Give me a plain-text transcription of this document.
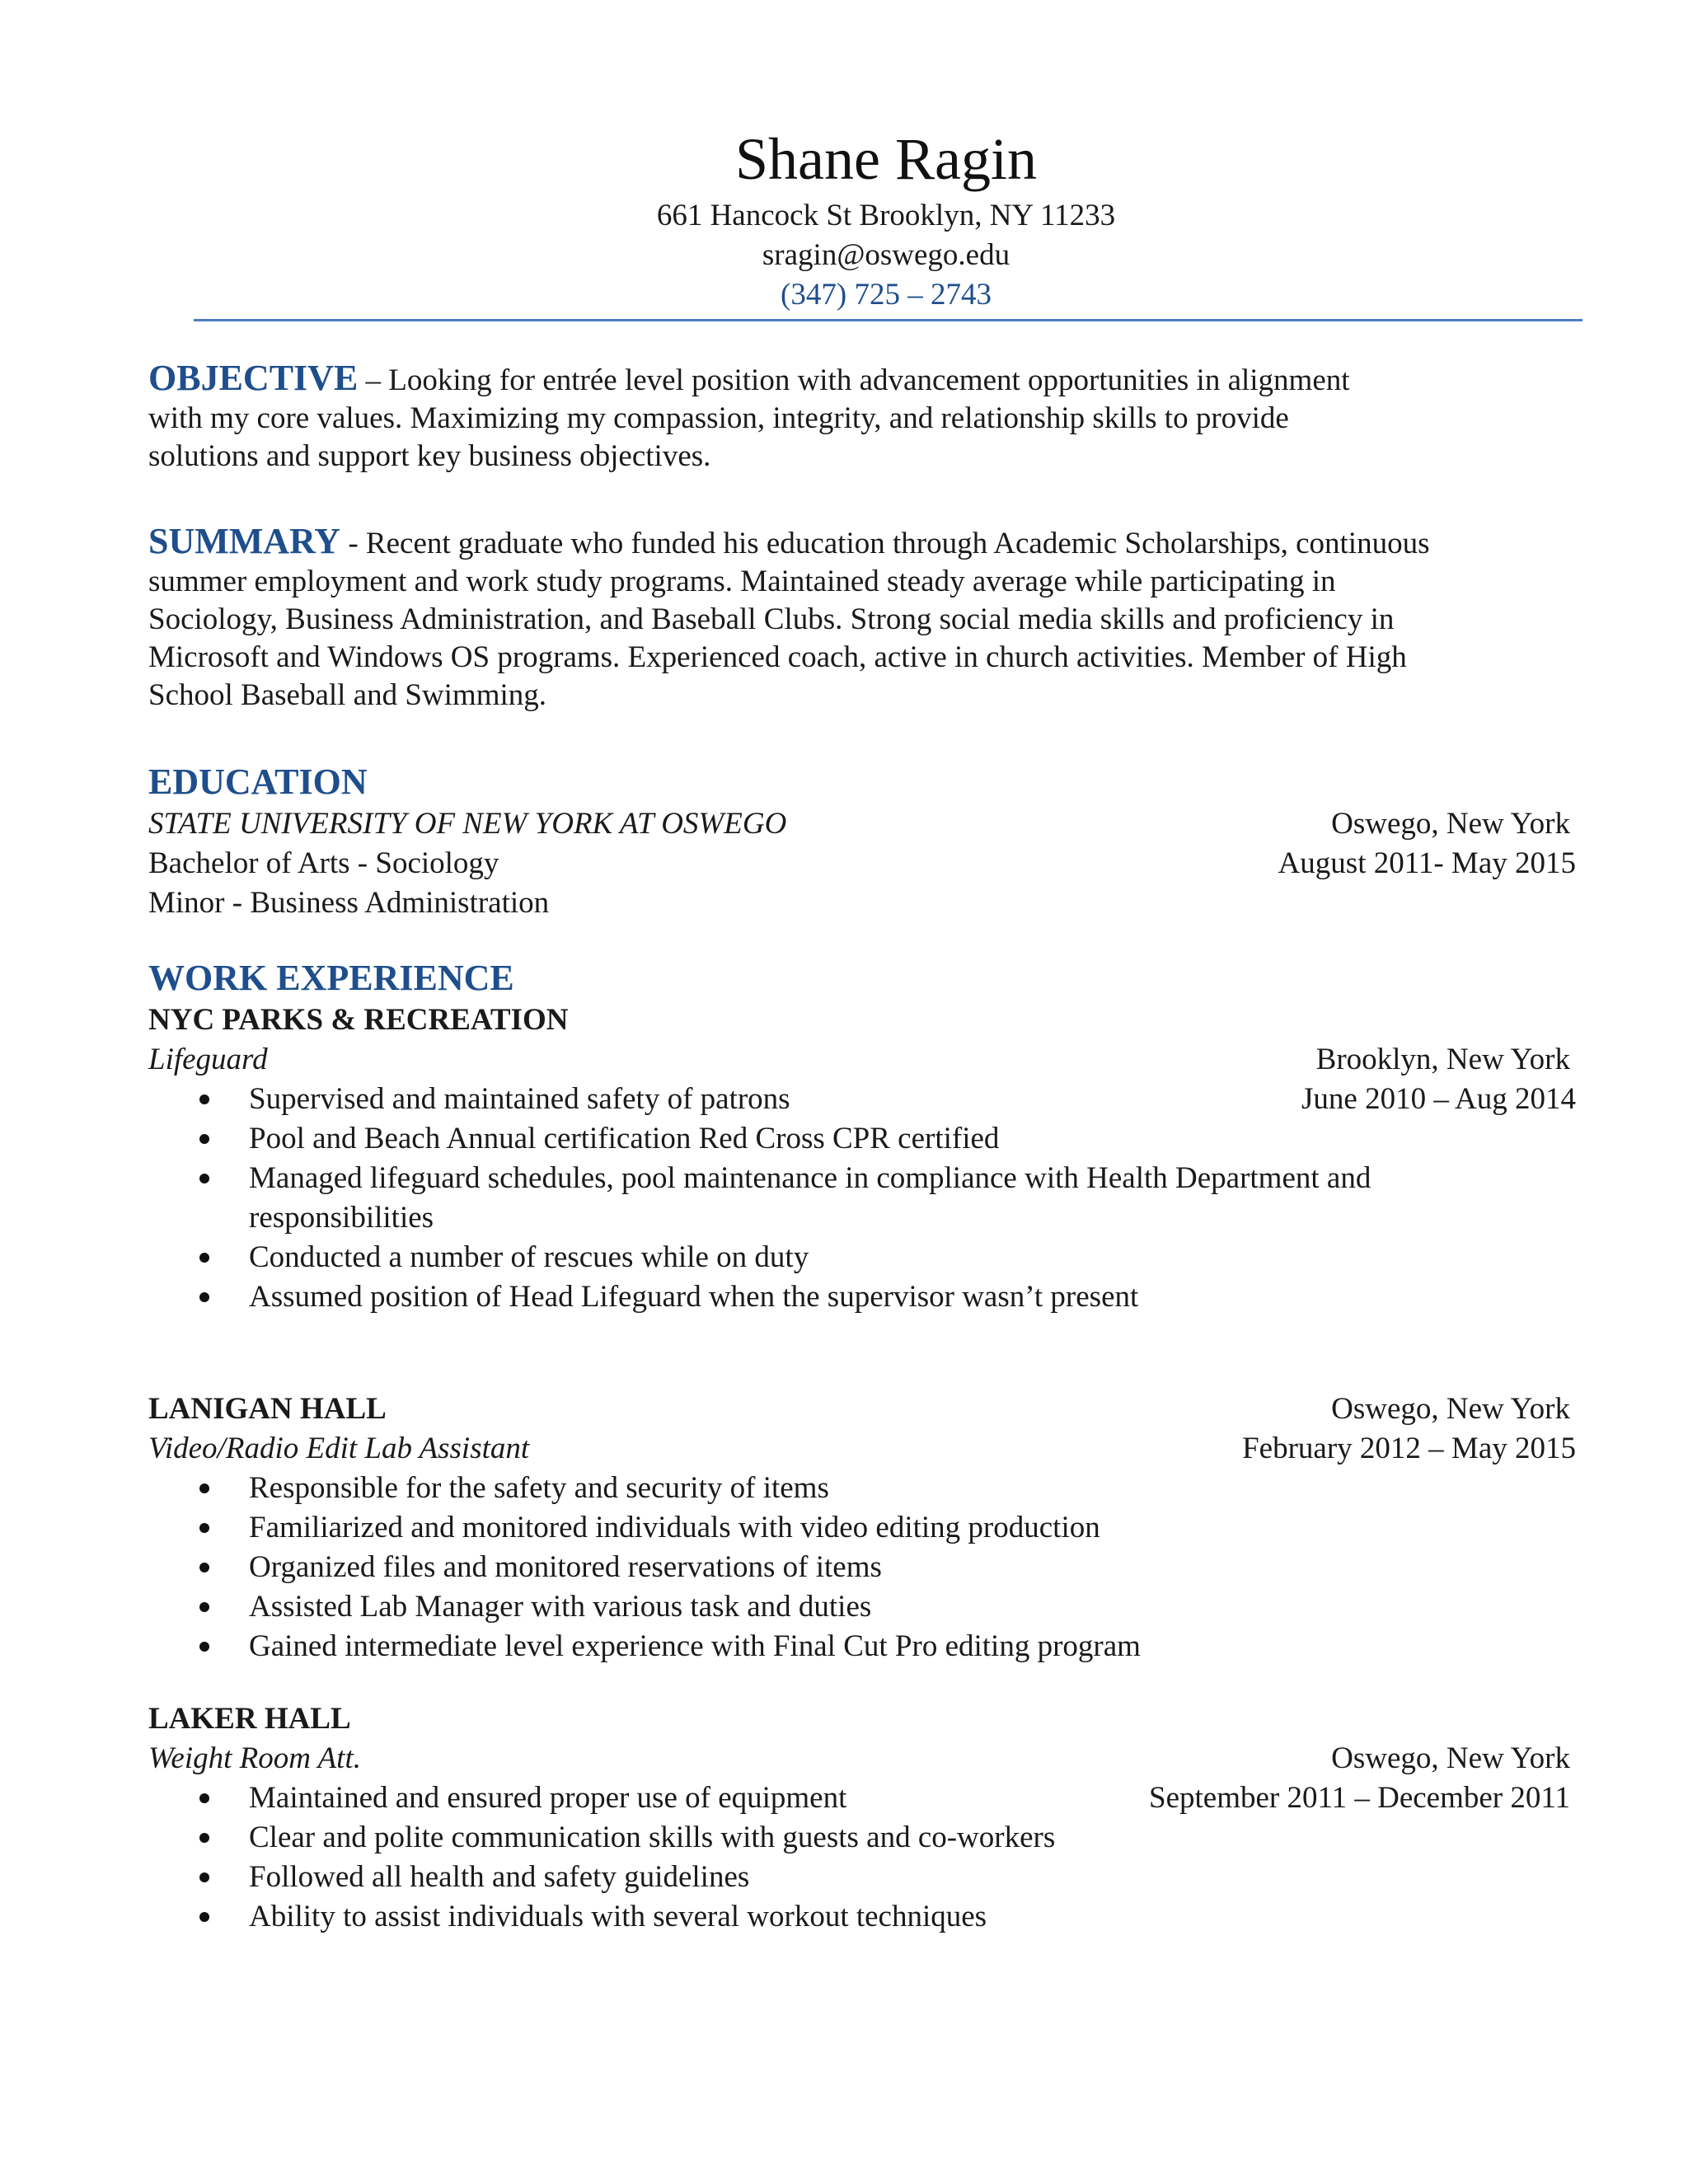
Shane Ragin
661 Hancock St Brooklyn, NY 11233
sragin@oswego.edu
(347) 725 – 2743
OBJECTIVE – Looking for entrée level position with advancement opportunities in alignment
with my core values. Maximizing my compassion, integrity, and relationship skills to provide
solutions and support key business objectives.
SUMMARY - Recent graduate who funded his education through Academic Scholarships, continuous
summer employment and work study programs. Maintained steady average while participating in
Sociology, Business Administration, and Baseball Clubs. Strong social media skills and proficiency in
Microsoft and Windows OS programs. Experienced coach, active in church activities. Member of High
School Baseball and Swimming.
EDUCATION
STATE UNIVERSITY OF NEW YORK AT OSWEGO	Oswego, New York
Bachelor of Arts - Sociology	August 2011- May 2015
Minor - Business Administration
WORK EXPERIENCE
NYC PARKS & RECREATION
Lifeguard	Brooklyn, New York
Supervised and maintained safety of patrons	June 2010 – Aug 2014
Pool and Beach Annual certification Red Cross CPR certified
Managed lifeguard schedules, pool maintenance in compliance with Health Department and
responsibilities
Conducted a number of rescues while on duty
Assumed position of Head Lifeguard when the supervisor wasn’t present
LANIGAN HALL	Oswego, New York
Video/Radio Edit Lab Assistant	February 2012 – May 2015
Responsible for the safety and security of items
Familiarized and monitored individuals with video editing production
Organized files and monitored reservations of items
Assisted Lab Manager with various task and duties
Gained intermediate level experience with Final Cut Pro editing program
LAKER HALL
Weight Room Att.	Oswego, New York
Maintained and ensured proper use of equipment	September 2011 – December 2011
Clear and polite communication skills with guests and co-workers
Followed all health and safety guidelines
Ability to assist individuals with several workout techniques
